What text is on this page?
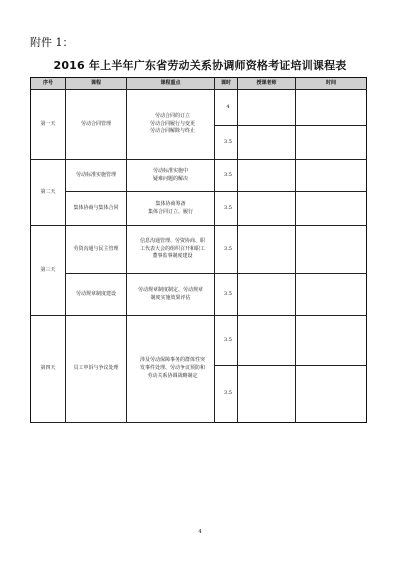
附件 1：
2016 年上半年广东省劳动关系协调师资格考证培训课程表
序号	课程	课程重点	课时	授课老师	时间
第一天	劳动合同管理	劳动合同的订立
劳动合同履行与变更
劳动合同解除与终止	4		
			3.5		
第二天	劳动标准实施管理	劳动标准实施中
疑难问题的解决	3.5		
	集体协商与集体合同	集体协商筹备
集体合同订立、履行	3.5		
第三天	劳资沟通与民主管理	信息沟通管理、劳资协商、职
工代表大会的组织召开和职工
董事监事制度建设	3.5		
	劳动规章制度建设	劳动规章制度制定、劳动规章
制度实施效果评估	3.5		
第四天	员工申诉与争议处理	涉及劳动保障事务的群体性突
发事件处理、劳动争议预防和
劳动关系协调战略制定	3.5		
			3.5		
4
